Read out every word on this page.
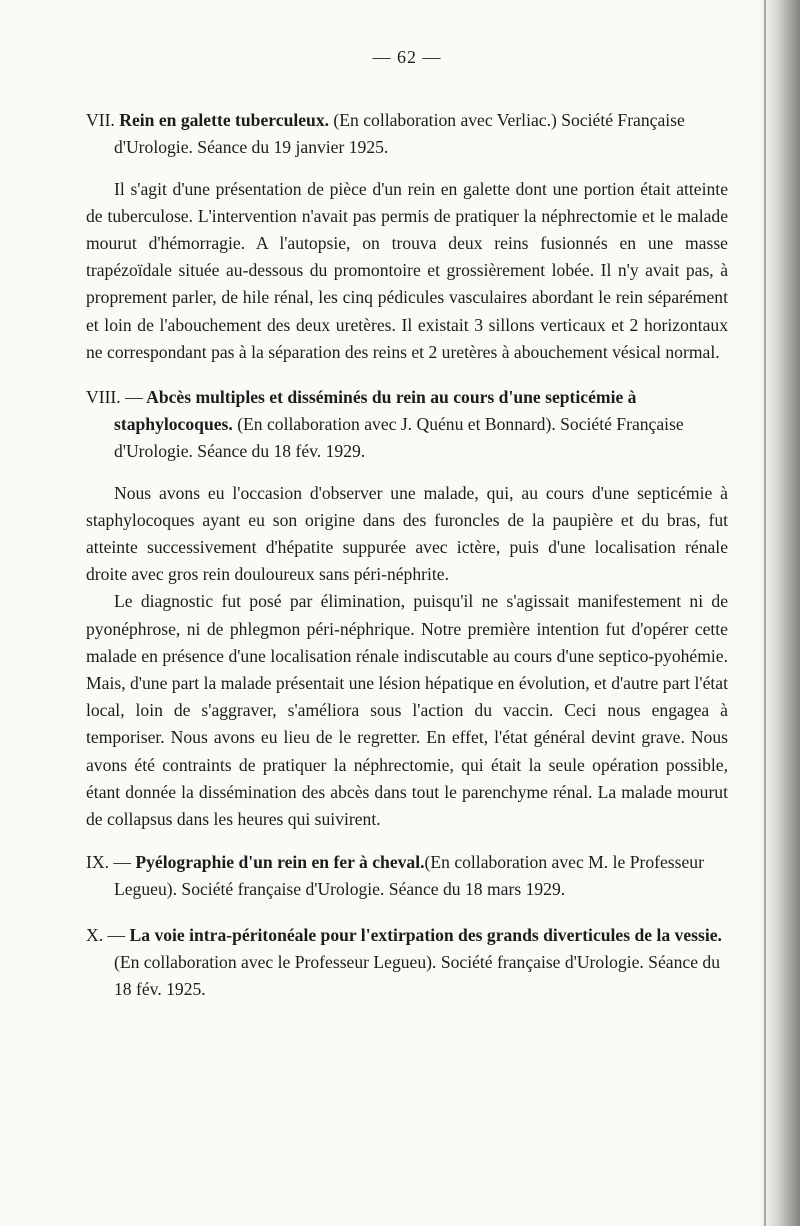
— 62 —

VII. Rein en galette tuberculeux. (En collaboration avec Verliac.) Société Française d'Urologie. Séance du 19 janvier 1925.

Il s'agit d'une présentation de pièce d'un rein en galette dont une portion était atteinte de tuberculose. L'intervention n'avait pas permis de pratiquer la néphrectomie et le malade mourut d'hémorragie. A l'autopsie, on trouva deux reins fusionnés en une masse trapézoïdale située au-dessous du promontoire et grossièrement lobée. Il n'y avait pas, à proprement parler, de hile rénal, les cinq pédicules vasculaires abordant le rein séparément et loin de l'abouchement des deux uretères. Il existait 3 sillons verticaux et 2 horizontaux ne correspondant pas à la séparation des reins et 2 uretères à abouchement vésical normal.

VIII. — Abcès multiples et disséminés du rein au cours d'une septicémie à staphylocoques. (En collaboration avec J. Quénu et Bonnard). Société Française d'Urologie. Séance du 18 fév. 1929.

Nous avons eu l'occasion d'observer une malade, qui, au cours d'une septicémie à staphylocoques ayant eu son origine dans des furoncles de la paupière et du bras, fut atteinte successivement d'hépatite suppurée avec ictère, puis d'une localisation rénale droite avec gros rein douloureux sans péri-néphrite.

Le diagnostic fut posé par élimination, puisqu'il ne s'agissait manifestement ni de pyonéphrose, ni de phlegmon péri-néphrique. Notre première intention fut d'opérer cette malade en présence d'une localisation rénale indiscutable au cours d'une septico-pyohémie. Mais, d'une part la malade présentait une lésion hépatique en évolution, et d'autre part l'état local, loin de s'aggraver, s'améliora sous l'action du vaccin. Ceci nous engagea à temporiser. Nous avons eu lieu de le regretter. En effet, l'état général devint grave. Nous avons été contraints de pratiquer la néphrectomie, qui était la seule opération possible, étant donnée la dissémination des abcès dans tout le parenchyme rénal. La malade mourut de collapsus dans les heures qui suivirent.

IX. — Pyélographie d'un rein en fer à cheval.(En collaboration avec M. le Professeur Legueu). Société française d'Urologie. Séance du 18 mars 1929.

X. — La voie intra-péritonéale pour l'extirpation des grands diverticules de la vessie. (En collaboration avec le Professeur Legueu). Société française d'Urologie. Séance du 18 fév. 1925.
